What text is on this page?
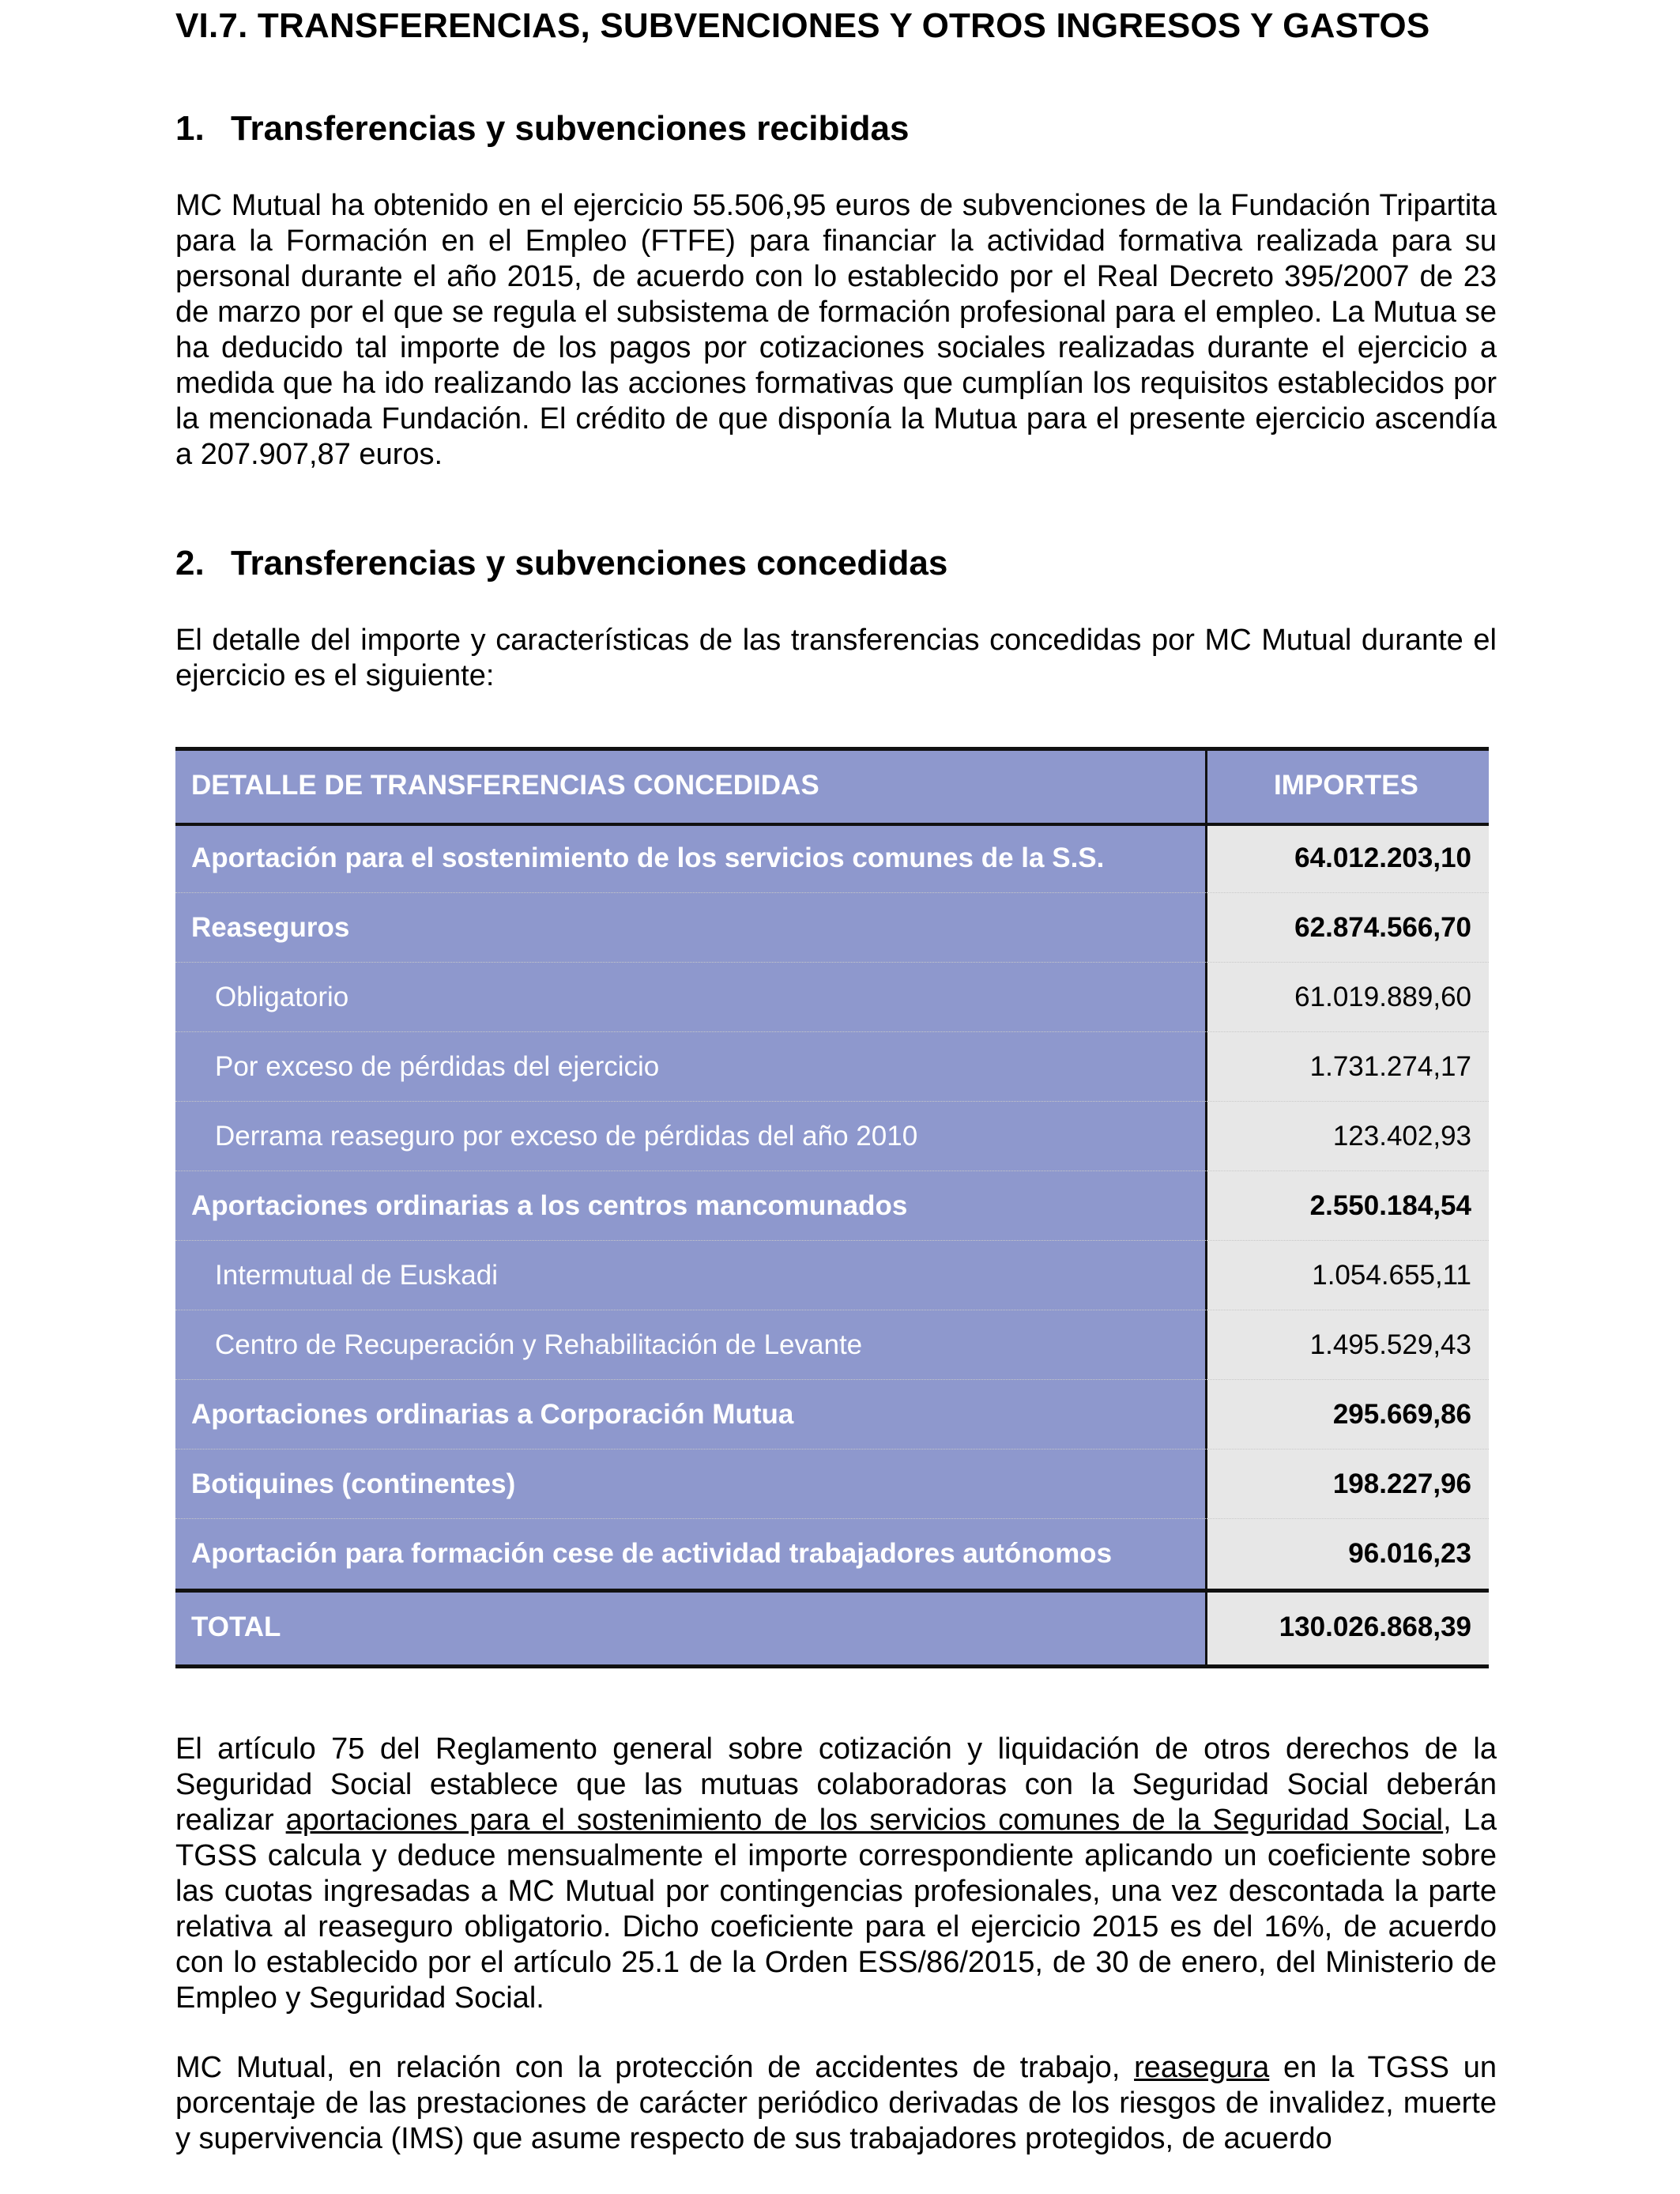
VI.7. TRANSFERENCIAS, SUBVENCIONES Y OTROS INGRESOS Y GASTOS
1. Transferencias y subvenciones recibidas

MC Mutual ha obtenido en el ejercicio 55.506,95 euros de subvenciones de la Fundación Tripartita para la Formación en el Empleo (FTFE) para financiar la actividad formativa realizada para su personal durante el año 2015, de acuerdo con lo establecido por el Real Decreto 395/2007 de 23 de marzo por el que se regula el subsistema de formación profesional para el empleo. La Mutua se ha deducido tal importe de los pagos por cotizaciones sociales realizadas durante el ejercicio a medida que ha ido realizando las acciones formativas que cumplían los requisitos establecidos por la mencionada Fundación. El crédito de que disponía la Mutua para el presente ejercicio ascendía a 207.907,87 euros.

2. Transferencias y subvenciones concedidas

El detalle del importe y características de las transferencias concedidas por MC Mutual durante el ejercicio es el siguiente:

DETALLE DE TRANSFERENCIAS CONCEDIDAS	IMPORTES
Aportación para el sostenimiento de los servicios comunes de la S.S.	64.012.203,10
Reaseguros	62.874.566,70
Obligatorio	61.019.889,60
Por exceso de pérdidas del ejercicio	1.731.274,17
Derrama reaseguro por exceso de pérdidas del año 2010	123.402,93
Aportaciones ordinarias a los centros mancomunados	2.550.184,54
Intermutual de Euskadi	1.054.655,11
Centro de Recuperación y Rehabilitación de Levante	1.495.529,43
Aportaciones ordinarias a Corporación Mutua	295.669,86
Botiquines (continentes)	198.227,96
Aportación para formación cese de actividad trabajadores autónomos	96.016,23
TOTAL	130.026.868,39

El artículo 75 del Reglamento general sobre cotización y liquidación de otros derechos de la Seguridad Social establece que las mutuas colaboradoras con la Seguridad Social deberán realizar aportaciones para el sostenimiento de los servicios comunes de la Seguridad Social, La TGSS calcula y deduce mensualmente el importe correspondiente aplicando un coeficiente sobre las cuotas ingresadas a MC Mutual por contingencias profesionales, una vez descontada la parte relativa al reaseguro obligatorio. Dicho coeficiente para el ejercicio 2015 es del 16%, de acuerdo con lo establecido por el artículo 25.1 de la Orden ESS/86/2015, de 30 de enero, del Ministerio de Empleo y Seguridad Social.

MC Mutual, en relación con la protección de accidentes de trabajo, reasegura en la TGSS un porcentaje de las prestaciones de carácter periódico derivadas de los riesgos de invalidez, muerte y supervivencia (IMS) que asume respecto de sus trabajadores protegidos, de acuerdo
